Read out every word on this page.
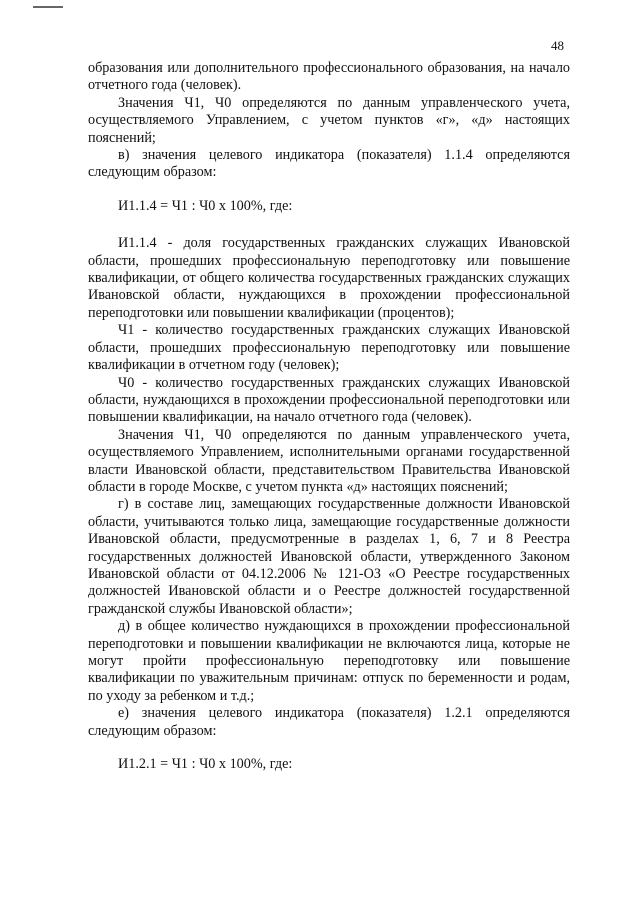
48

образования или дополнительного профессионального образования, на начало отчетного года (человек).

Значения Ч1, Ч0 определяются по данным управленческого учета, осуществляемого Управлением, с учетом пунктов «г», «д» настоящих пояснений;

в) значения целевого индикатора (показателя) 1.1.4 определяются следующим образом:

И1.1.4 = Ч1 : Ч0 х 100%, где:

И1.1.4 - доля государственных гражданских служащих Ивановской области, прошедших профессиональную переподготовку или повышение квалификации, от общего количества государственных гражданских служащих Ивановской области, нуждающихся в прохождении профессиональной переподготовки или повышении квалификации (процентов);

Ч1 - количество государственных гражданских служащих Ивановской области, прошедших профессиональную переподготовку или повышение квалификации в отчетном году (человек);

Ч0 - количество государственных гражданских служащих Ивановской области, нуждающихся в прохождении профессиональной переподготовки или повышении квалификации, на начало отчетного года (человек).

Значения Ч1, Ч0 определяются по данным управленческого учета, осуществляемого Управлением, исполнительными органами государственной власти Ивановской области, представительством Правительства Ивановской области в городе Москве, с учетом пункта «д» настоящих пояснений;

г) в составе лиц, замещающих государственные должности Ивановской области, учитываются только лица, замещающие государственные должности Ивановской области, предусмотренные в разделах 1, 6, 7 и 8 Реестра государственных должностей Ивановской области, утвержденного Законом Ивановской области от 04.12.2006 № 121-ОЗ «О Реестре государственных должностей Ивановской области и о Реестре должностей государственной гражданской службы Ивановской области»;

д) в общее количество нуждающихся в прохождении профессиональной переподготовки и повышении квалификации не включаются лица, которые не могут пройти профессиональную переподготовку или повышение квалификации по уважительным причинам: отпуск по беременности и родам, по уходу за ребенком и т.д.;

е) значения целевого индикатора (показателя) 1.2.1 определяются следующим образом:

И1.2.1 = Ч1 : Ч0 х 100%, где:
